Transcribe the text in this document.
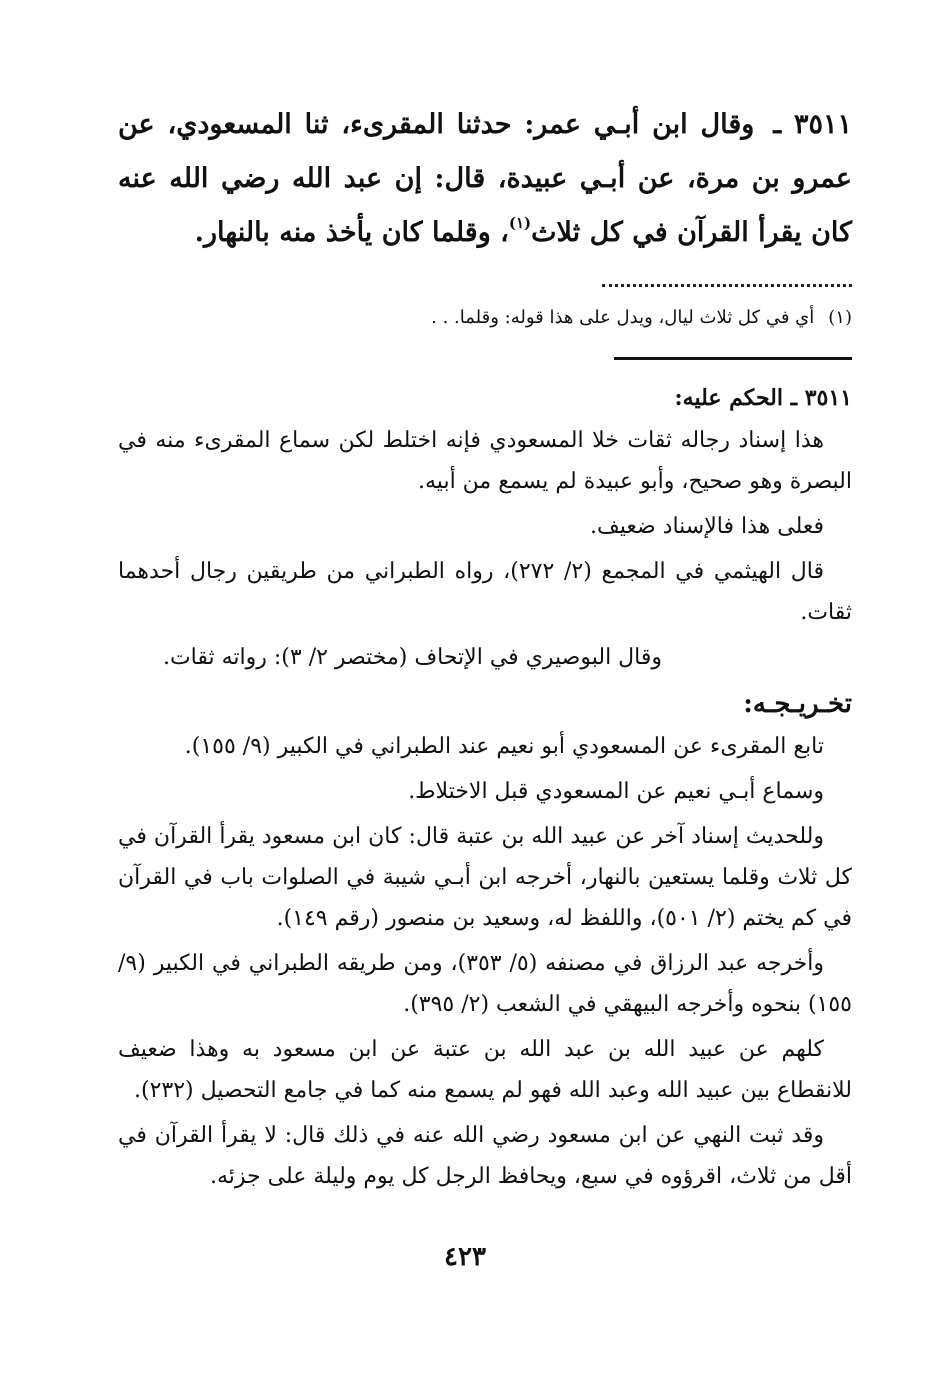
٣٥١١ ـ وقال ابن أبـي عمر: حدثنا المقرىء، ثنا المسعودي، عن عمرو بن مرة، عن أبـي عبيدة، قال: إن عبد الله رضي الله عنه كان يقرأ القرآن في كل ثلاث$^{(١)}$، وقلما كان يأخذ منه بالنهار.

(١)أي في كل ثلاث ليال، ويدل على هذا قوله: وقلما. . .
٣٥١١ ـ الحكم عليه:

هذا إسناد رجاله ثقات خلا المسعودي فإنه اختلط لكن سماع المقرىء منه في البصرة وهو صحيح، وأبو عبيدة لم يسمع من أبيه.

فعلى هذا فالإسناد ضعيف.

قال الهيثمي في المجمع (٢/ ٢٧٢)، رواه الطبراني من طريقين رجال أحدهما ثقات.

وقال البوصيري في الإتحاف (مختصر ٢/ ٣): رواته ثقات.

تخـريـجـه:

تابع المقرىء عن المسعودي أبو نعيم عند الطبراني في الكبير (٩/ ١٥٥).

وسماع أبـي نعيم عن المسعودي قبل الاختلاط.

وللحديث إسناد آخر عن عبيد الله بن عتبة قال: كان ابن مسعود يقرأ القرآن في كل ثلاث وقلما يستعين بالنهار، أخرجه ابن أبـي شيبة في الصلوات باب في القرآن في كم يختم (٢/ ٥٠١)، واللفظ له، وسعيد بن منصور (رقم ١٤٩).

وأخرجه عبد الرزاق في مصنفه (٥/ ٣٥٣)، ومن طريقه الطبراني في الكبير (٩/ ١٥٥) بنحوه وأخرجه البيهقي في الشعب (٢/ ٣٩٥).

كلهم عن عبيد الله بن عبد الله بن عتبة عن ابن مسعود به وهذا ضعيف للانقطاع بين عبيد الله وعبد الله فهو لم يسمع منه كما في جامع التحصيل (٢٣٢).

وقد ثبت النهي عن ابن مسعود رضي الله عنه في ذلك قال: لا يقرأ القرآن في أقل من ثلاث، اقرؤوه في سبع، ويحافظ الرجل كل يوم وليلة على جزئه.

٤٢٣
